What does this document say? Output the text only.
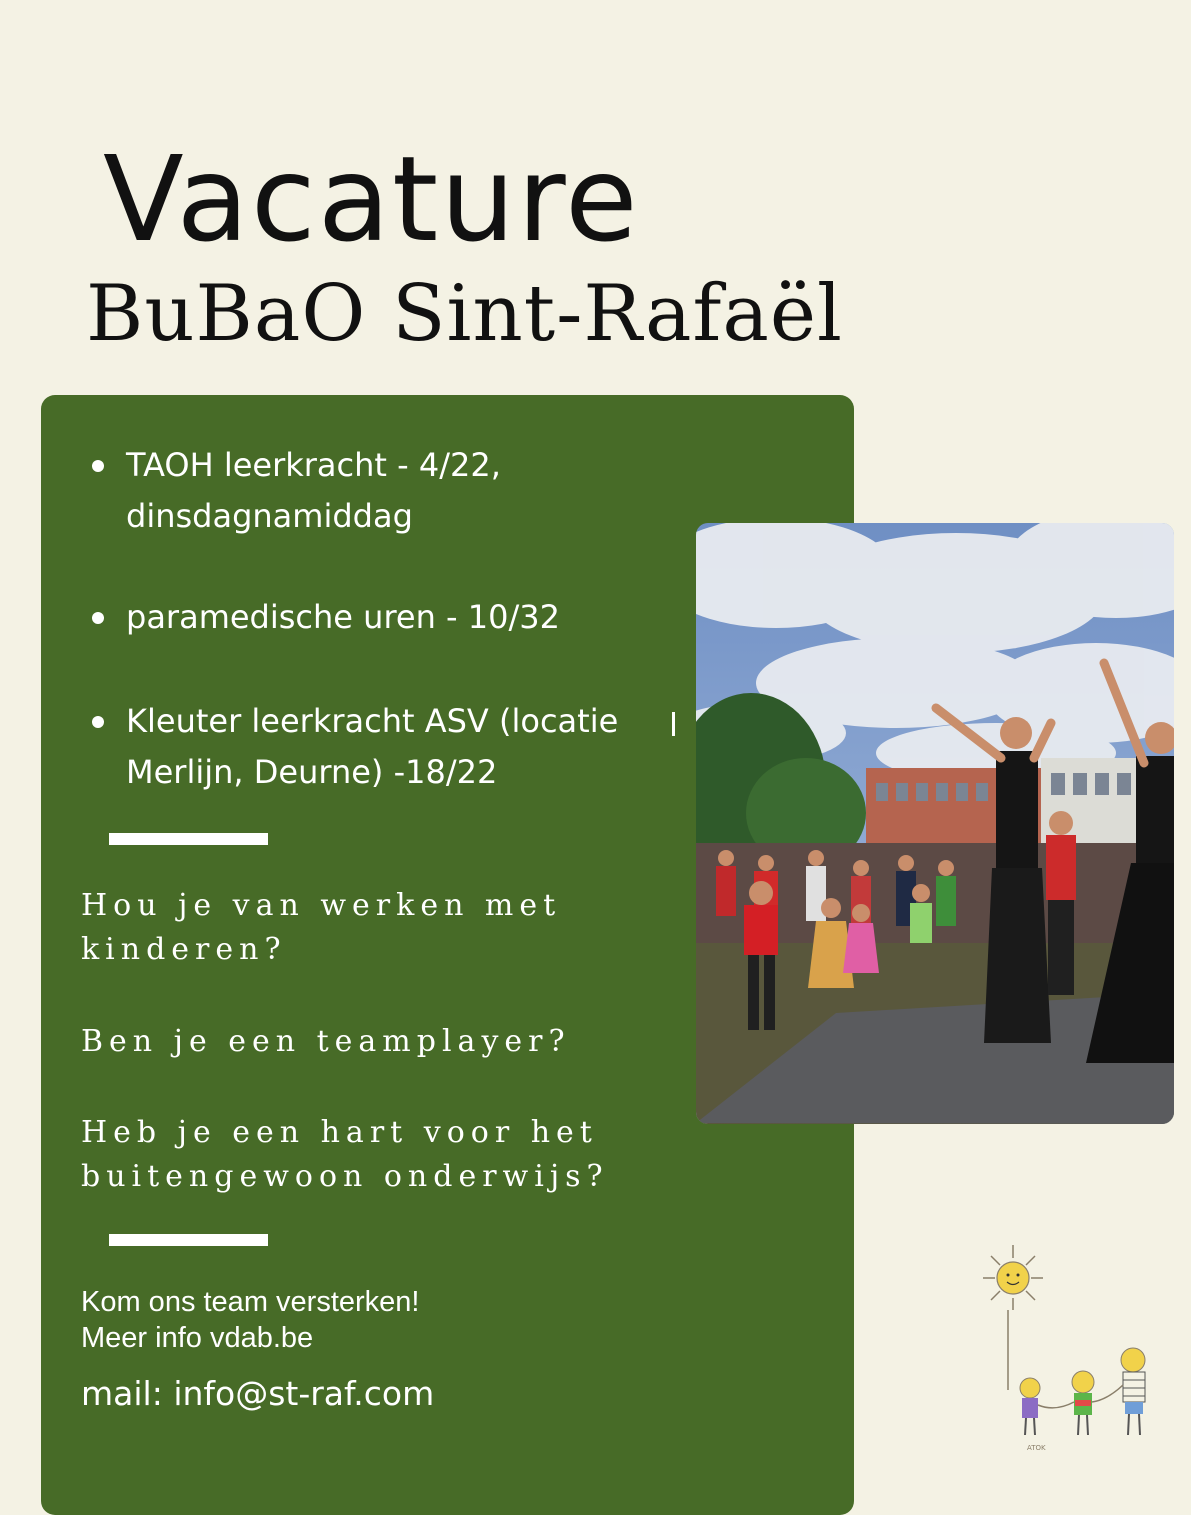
Vacature
BuBaO Sint-Rafaël
TAOH leerkracht - 4/22,
dinsdagnamiddag
paramedische uren - 10/32
Kleuter leerkracht ASV (locatie
Merlijn, Deurne) -18/22

Hou je van werken met
kinderen?

Ben je een teamplayer?

Heb je een hart voor het
buitengewoon onderwijs?

Kom ons team versterken!
Meer info vdab.be

mail: info@st-raf.com

ATOK
